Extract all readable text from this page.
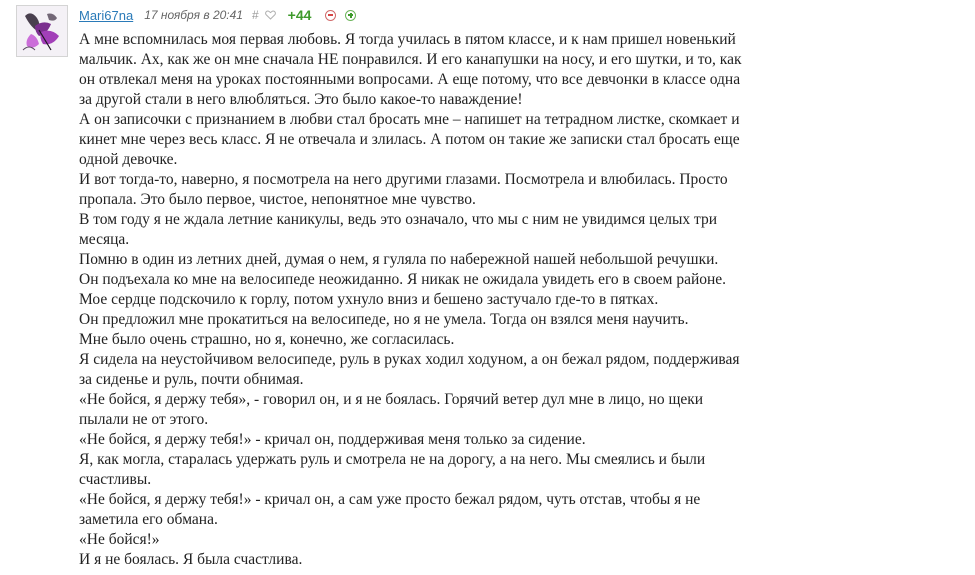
Mari67na 17 ноября в 20:41 # +44
А мне вспомнилась моя первая любовь. Я тогда училась в пятом классе, и к нам пришел новенький
мальчик. Ах, как же он мне сначала НЕ понравился. И его канапушки на носу, и его шутки, и то, как
он отвлекал меня на уроках постоянными вопросами. А еще потому, что все девчонки в классе одна
за другой стали в него влюбляться. Это было какое-то наваждение!
А он записочки с признанием в любви стал бросать мне – напишет на тетрадном листке, скомкает и
кинет мне через весь класс. Я не отвечала и злилась. А потом он такие же записки стал бросать еще
одной девочке.
И вот тогда-то, наверно, я посмотрела на него другими глазами. Посмотрела и влюбилась. Просто
пропала. Это было первое, чистое, непонятное мне чувство.
В том году я не ждала летние каникулы, ведь это означало, что мы с ним не увидимся целых три
месяца.
Помню в один из летних дней, думая о нем, я гуляла по набережной нашей небольшой речушки.
Он подъехала ко мне на велосипеде неожиданно. Я никак не ожидала увидеть его в своем районе.
Мое сердце подскочило к горлу, потом ухнуло вниз и бешено застучало где-то в пятках.
Он предложил мне прокатиться на велосипеде, но я не умела. Тогда он взялся меня научить.
Мне было очень страшно, но я, конечно, же согласилась.
Я сидела на неустойчивом велосипеде, руль в руках ходил ходуном, а он бежал рядом, поддерживая
за сиденье и руль, почти обнимая.
«Не бойся, я держу тебя», - говорил он, и я не боялась. Горячий ветер дул мне в лицо, но щеки
пылали не от этого.
«Не бойся, я держу тебя!» - кричал он, поддерживая меня только за сидение.
Я, как могла, старалась удержать руль и смотрела не на дорогу, а на него. Мы смеялись и были
счастливы.
«Не бойся, я держу тебя!» - кричал он, а сам уже просто бежал рядом, чуть отстав, чтобы я не
заметила его обмана.
«Не бойся!»
И я не боялась. Я была счастлива.
